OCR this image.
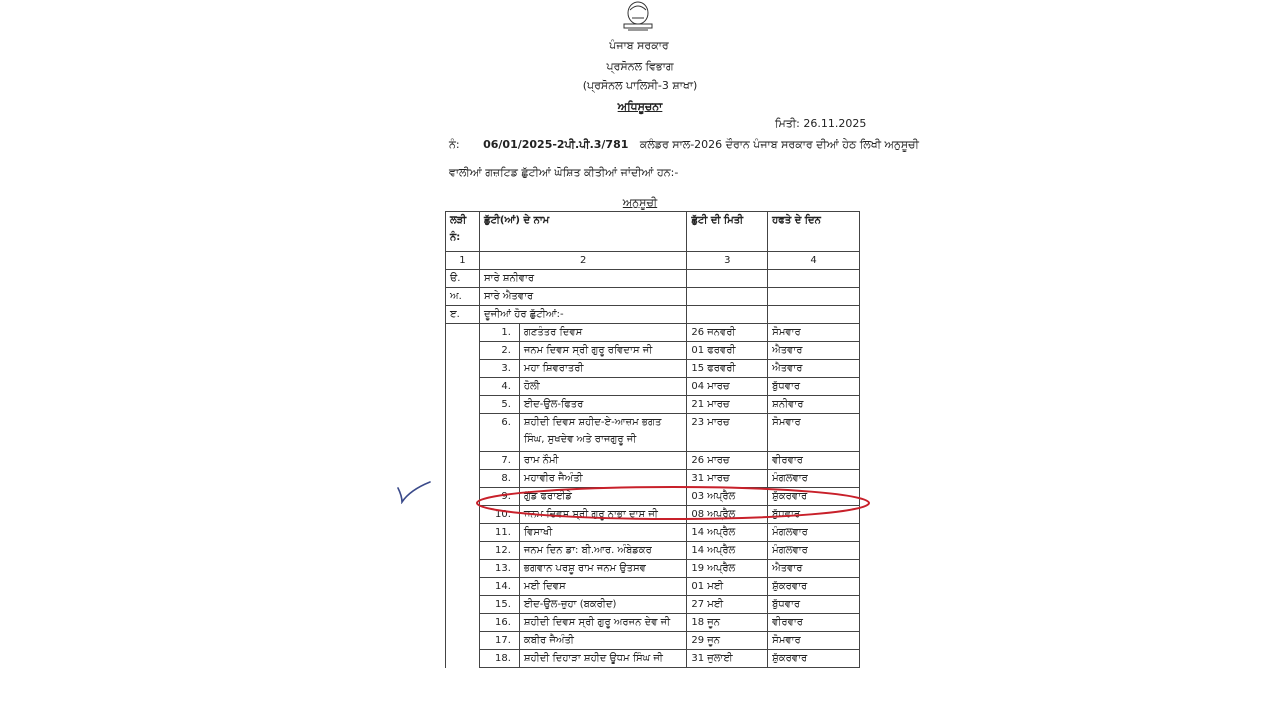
ਪੰਜਾਬ ਸਰਕਾਰ
ਪ੍ਰਸੋਨਲ ਵਿਭਾਗ
(ਪ੍ਰਸੋਨਲ ਪਾਲਿਸੀ-3 ਸ਼ਾਖਾ)
ਅਧਿਸੂਚਨਾ
ਮਿਤੀ: 26.11.2025
ਨੰ: 06/01/2025-2ਪੀ.ਪੀ.3/781 ਕਲੰਡਰ ਸਾਲ-2026 ਦੌਰਾਨ ਪੰਜਾਬ ਸਰਕਾਰ ਦੀਆਂ ਹੇਠ ਲਿਖੀ ਅਨੁਸੂਚੀ
ਵਾਲੀਆਂ ਗਜ਼ਟਿਡ ਛੁੱਟੀਆਂ ਘੋਸ਼ਿਤ ਕੀਤੀਆਂ ਜਾਂਦੀਆਂ ਹਨ:-
ਅਨੁਸੂਚੀ
ਲੜੀ ਨੰ:	ਛੁੱਟੀ(ਆਂ) ਦੇ ਨਾਮ		ਛੁੱਟੀ ਦੀ ਮਿਤੀ	ਹਫਤੇ ਦੇ ਦਿਨ
1	2		3	4
ੳ.	ਸਾਰੇ ਸ਼ਨੀਵਾਰ			
ਅ.	ਸਾਰੇ ਐਤਵਾਰ			
ੲ.	ਦੂਜੀਆਂ ਹੋਰ ਛੁੱਟੀਆਂ:-			
	1.	ਗਣਤੰਤਰ ਦਿਵਸ	26 ਜਨਵਰੀ	ਸੋਮਵਾਰ
	2.	ਜਨਮ ਦਿਵਸ ਸ੍ਰੀ ਗੁਰੂ ਰਵਿਦਾਸ ਜੀ	01 ਫਰਵਰੀ	ਐਤਵਾਰ
	3.	ਮਹਾ ਸ਼ਿਵਰਾਤਰੀ	15 ਫਰਵਰੀ	ਐਤਵਾਰ
	4.	ਹੋਲੀ	04 ਮਾਰਚ	ਬੁੱਧਵਾਰ
	5.	ਈਦ-ਉਲ-ਫਿਤਰ	21 ਮਾਰਚ	ਸ਼ਨੀਵਾਰ
	6.	ਸ਼ਹੀਦੀ ਦਿਵਸ ਸ਼ਹੀਦ-ਏ-ਆਜ਼ਮ ਭਗਤ ਸਿੰਘ, ਸੁਖਦੇਵ ਅਤੇ ਰਾਜਗੁਰੂ ਜੀ	23 ਮਾਰਚ	ਸੋਮਵਾਰ
	7.	ਰਾਮ ਨੌਮੀ	26 ਮਾਰਚ	ਵੀਰਵਾਰ
	8.	ਮਹਾਵੀਰ ਜੈਅੰਤੀ	31 ਮਾਰਚ	ਮੰਗਲਵਾਰ
	9.	ਗੁੱਡ ਫਰਾਈਡੇ	03 ਅਪ੍ਰੈਲ	ਸ਼ੁੱਕਰਵਾਰ
	10.	ਜਨਮ ਦਿਵਸ ਸ੍ਰੀ ਗੁਰੂ ਨਾਭਾ ਦਾਸ ਜੀ	08 ਅਪ੍ਰੈਲ	ਬੁੱਧਵਾਰ
	11.	ਵਿਸਾਖੀ	14 ਅਪ੍ਰੈਲ	ਮੰਗਲਵਾਰ
	12.	ਜਨਮ ਦਿਨ ਡਾ: ਬੀ.ਆਰ. ਅੰਬੇਡਕਰ	14 ਅਪ੍ਰੈਲ	ਮੰਗਲਵਾਰ
	13.	ਭਗਵਾਨ ਪਰਸ਼ੂ ਰਾਮ ਜਨਮ ਉਤਸਵ	19 ਅਪ੍ਰੈਲ	ਐਤਵਾਰ
	14.	ਮਈ ਦਿਵਸ	01 ਮਈ	ਸ਼ੁੱਕਰਵਾਰ
	15.	ਈਦ-ਉਲ-ਜ਼ੁਹਾ (ਬਕਰੀਦ)	27 ਮਈ	ਬੁੱਧਵਾਰ
	16.	ਸ਼ਹੀਦੀ ਦਿਵਸ ਸ੍ਰੀ ਗੁਰੂ ਅਰਜਨ ਦੇਵ ਜੀ	18 ਜੂਨ	ਵੀਰਵਾਰ
	17.	ਕਬੀਰ ਜੈਅੰਤੀ	29 ਜੂਨ	ਸੋਮਵਾਰ
	18.	ਸ਼ਹੀਦੀ ਦਿਹਾੜਾ ਸ਼ਹੀਦ ਊਧਮ ਸਿੰਘ ਜੀ	31 ਜੁਲਾਈ	ਸ਼ੁੱਕਰਵਾਰ
